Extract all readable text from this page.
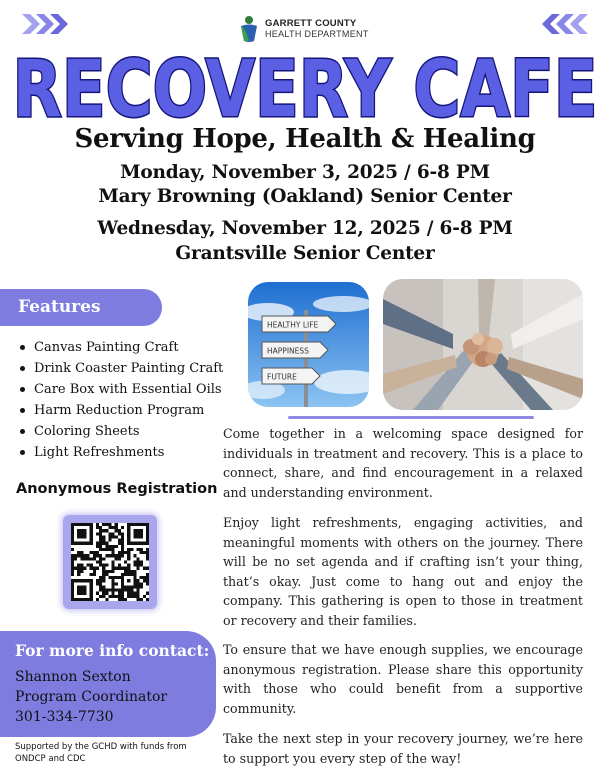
GARRETT COUNTY
HEALTH DEPARTMENT
RECOVERY CAFE
Serving Hope, Health & Healing
Monday, November 3, 2025 / 6-8 PM
Mary Browning (Oakland) Senior Center
Wednesday, November 12, 2025 / 6-8 PM
Grantsville Senior Center
Features
Canvas Painting Craft
Drink Coaster Painting Craft
Care Box with Essential Oils
Harm Reduction Program
Coloring Sheets
Light Refreshments
Anonymous Registration
For more info contact:
Shannon Sexton
Program Coordinator
301-334-7730
Supported by the GCHD with funds from ONDCP and CDC
HEALTHY LIFE
HAPPINESS
FUTURE
Come together in a welcoming space designed for individuals in treatment and recovery. This is a place to connect, share, and find encouragement in a relaxed and understanding environment.
Enjoy light refreshments, engaging activities, and meaningful moments with others on the journey. There will be no set agenda and if crafting isn’t your thing, that’s okay. Just come to hang out and enjoy the company. This gathering is open to those in treatment or recovery and their families.
To ensure that we have enough supplies, we encourage anonymous registration. Please share this opportunity with those who could benefit from a supportive community.
Take the next step in your recovery journey, we’re here to support you every step of the way!
